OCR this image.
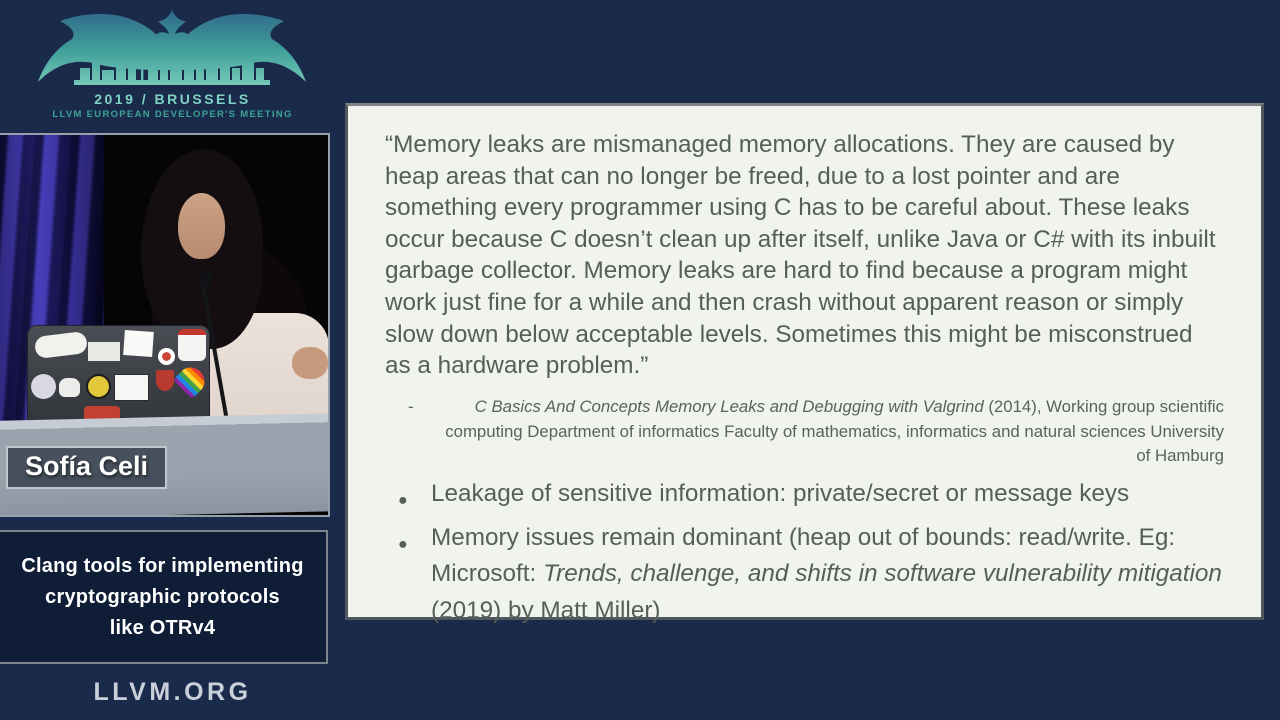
2019 / BRUSSELS
LLVM EUROPEAN DEVELOPER'S MEETING
Sofía Celi
Clang tools for implementing
cryptographic protocols
like OTRv4
LLVM.ORG

“Memory leaks are mismanaged memory allocations. They are caused by heap areas that can no longer be freed, due to a lost pointer and are something every programmer using C has to be careful about. These leaks occur because C doesn’t clean up after itself, unlike Java or C# with its inbuilt garbage collector. Memory leaks are hard to find because a program might work just fine for a while and then crash without apparent reason or simply slow down below acceptable levels. Sometimes this might be misconstrued as a hardware problem.”

-	C Basics And Concepts Memory Leaks and Debugging with Valgrind (2014), Working group scientific computing Department of informatics Faculty of mathematics, informatics and natural sciences University of Hamburg
● Leakage of sensitive information: private/secret or message keys
● Memory issues remain dominant (heap out of bounds: read/write. Eg: Microsoft: Trends, challenge, and shifts in software vulnerability mitigation (2019) by Matt Miller)
